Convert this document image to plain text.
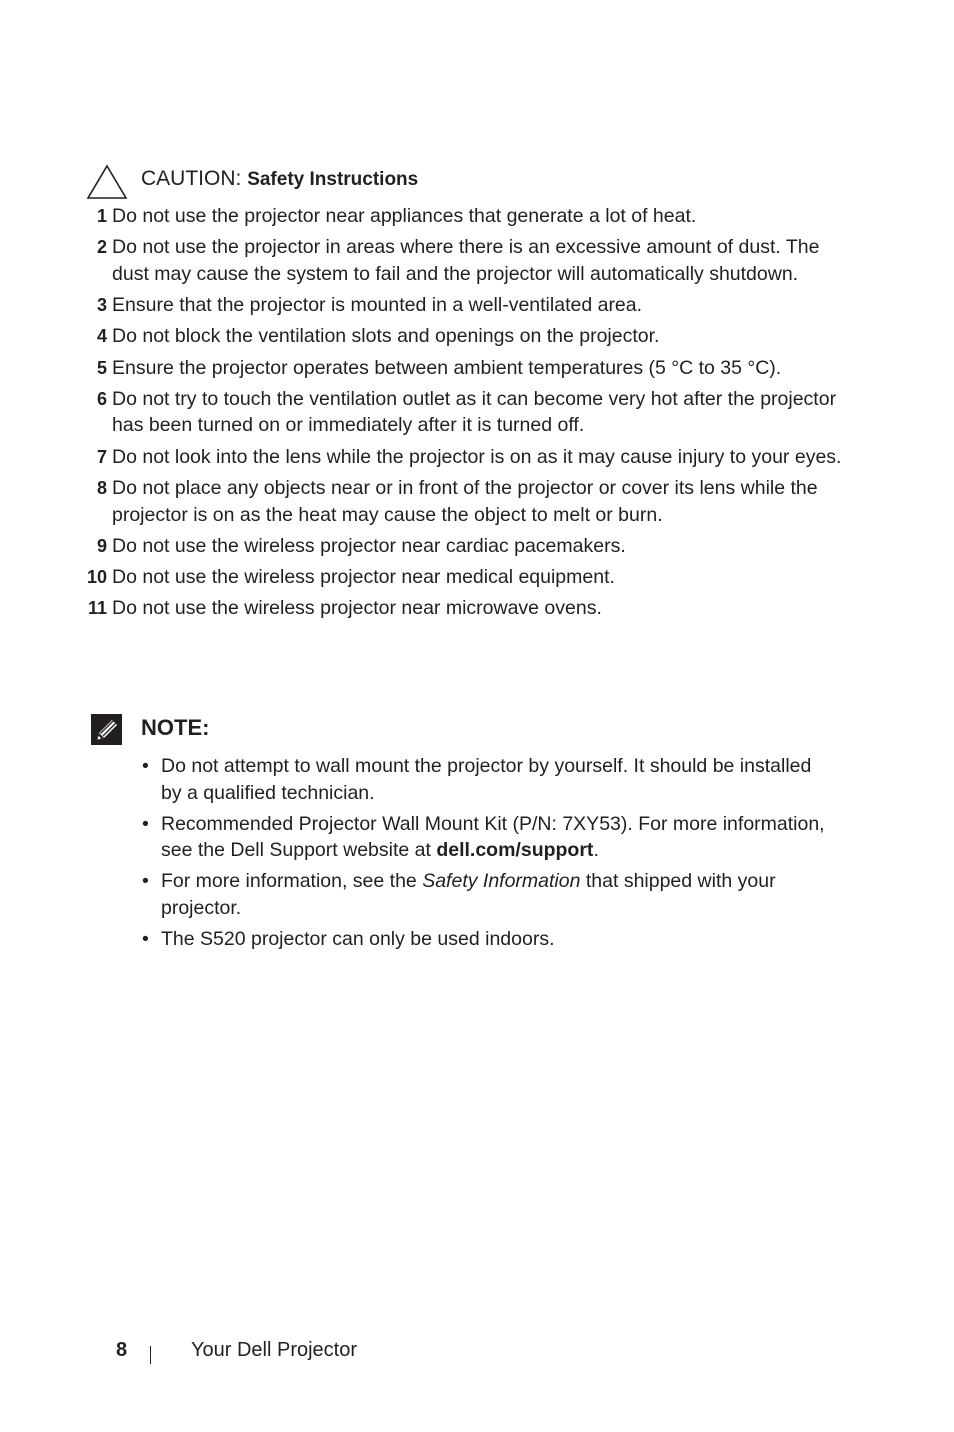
CAUTION: Safety Instructions
1 Do not use the projector near appliances that generate a lot of heat.
2 Do not use the projector in areas where there is an excessive amount of dust. The dust may cause the system to fail and the projector will automatically shutdown.
3 Ensure that the projector is mounted in a well-ventilated area.
4 Do not block the ventilation slots and openings on the projector.
5 Ensure the projector operates between ambient temperatures (5 °C to 35 °C).
6 Do not try to touch the ventilation outlet as it can become very hot after the projector has been turned on or immediately after it is turned off.
7 Do not look into the lens while the projector is on as it may cause injury to your eyes.
8 Do not place any objects near or in front of the projector or cover its lens while the projector is on as the heat may cause the object to melt or burn.
9 Do not use the wireless projector near cardiac pacemakers.
10 Do not use the wireless projector near medical equipment.
11 Do not use the wireless projector near microwave ovens.
NOTE:
• Do not attempt to wall mount the projector by yourself. It should be installed by a qualified technician.
• Recommended Projector Wall Mount Kit (P/N: 7XY53). For more information, see the Dell Support website at dell.com/support.
• For more information, see the Safety Information that shipped with your projector.
• The S520 projector can only be used indoors.
8	Your Dell Projector
